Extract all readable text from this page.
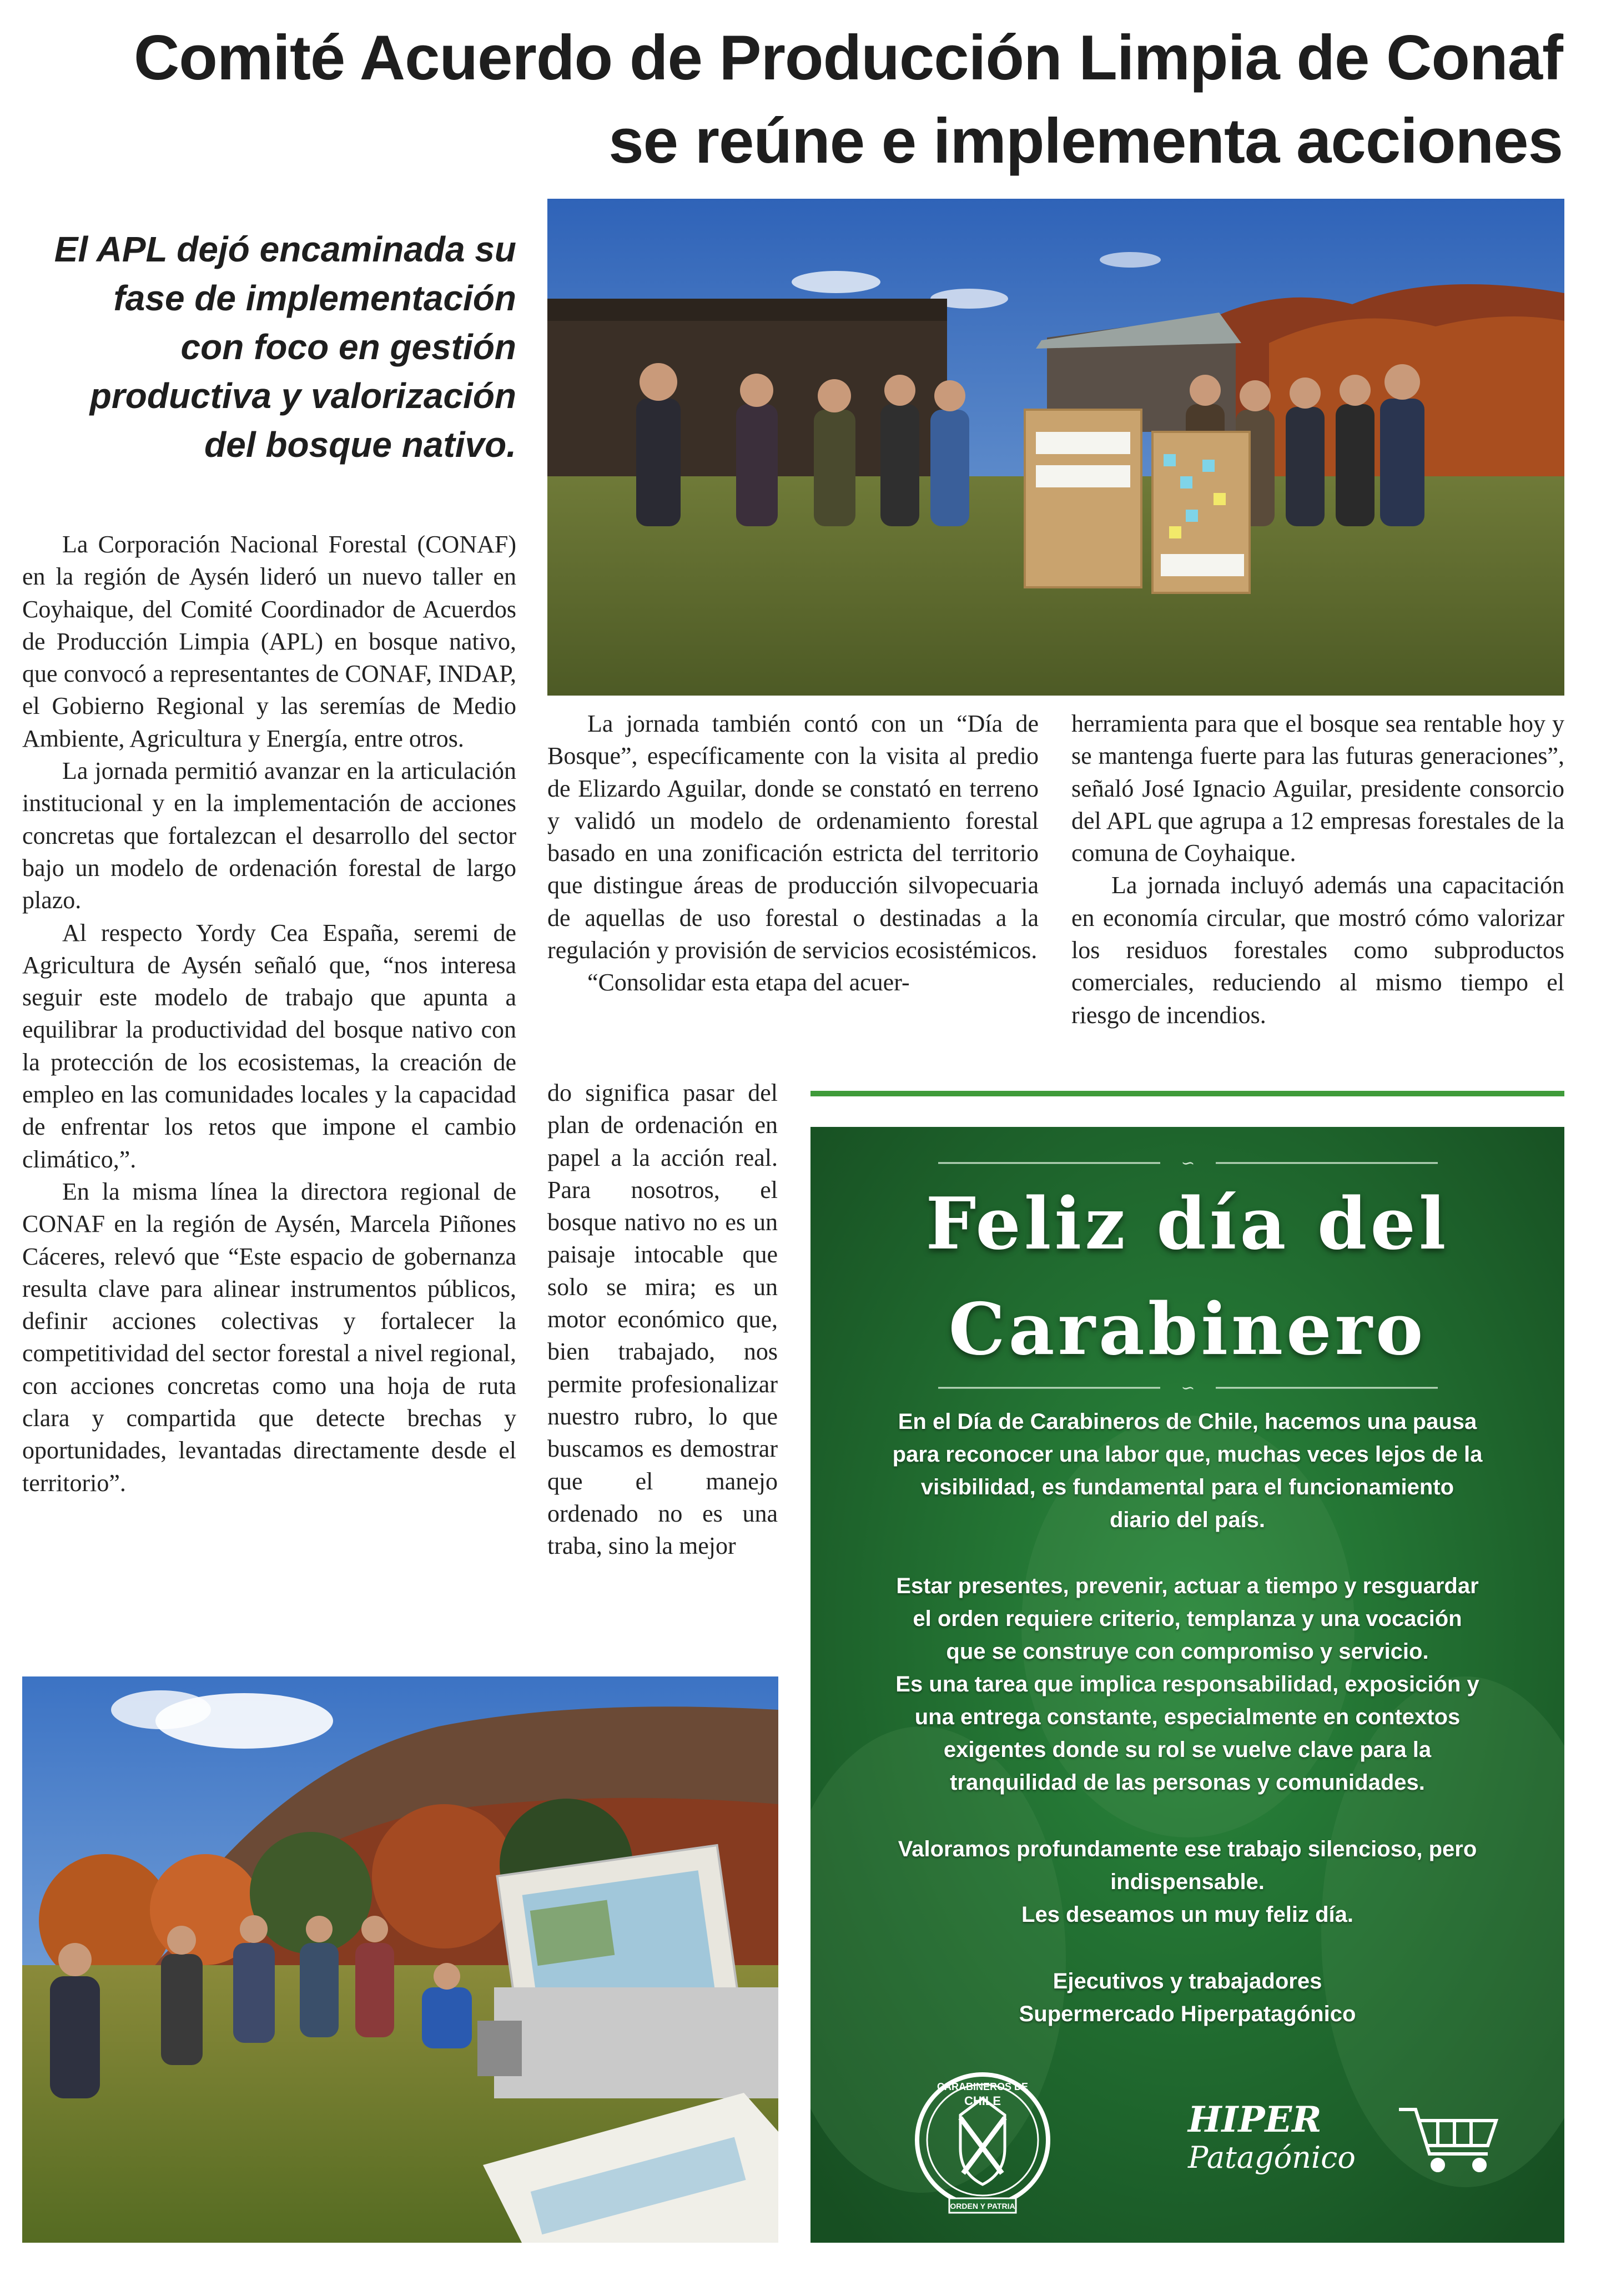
Comité Acuerdo de Producción Limpia de Conaf
se reúne e implementa acciones
El APL dejó encaminada su
fase de implementación
con foco en gestión
productiva y valorización
del bosque nativo.

La Corporación Nacional Forestal (CONAF) en la región de Aysén lideró un nuevo taller en Coyhaique, del Comité Coordinador de Acuerdos de Producción Limpia (APL) en bosque nativo, que convocó a representantes de CONAF, INDAP, el Gobierno Regional y las seremías de Medio Ambiente, Agricultura y Energía, entre otros.

La jornada permitió avanzar en la articulación institucional y en la implementación de acciones concretas que fortalezcan el desarrollo del sector bajo un modelo de ordenación forestal de largo plazo.

Al respecto Yordy Cea España, seremi de Agricultura de Aysén señaló que, “nos interesa seguir este modelo de trabajo que apunta a equilibrar la productividad del bosque nativo con la protección de los ecosistemas, la creación de empleo en las comunidades locales y la capacidad de enfrentar los retos que impone el cambio climático,”.

En la misma línea la directora regional de CONAF en la región de Aysén, Marcela Piñones Cáceres, relevó que “Este espacio de gobernanza resulta clave para alinear instrumentos públicos, definir acciones colectivas y fortalecer la competitividad del sector forestal a nivel regional, con acciones concretas como una hoja de ruta clara y compartida que detecte brechas y oportunidades, levantadas directamente desde el territorio”.

La jornada también contó con un “Día de Bosque”, específicamente con la visita al predio de Elizardo Aguilar, donde se constató en terreno y validó un modelo de ordenamiento forestal basado en una zonificación estricta del territorio que distingue áreas de producción silvopecuaria de aquellas de uso forestal o destinadas a la regulación y provisión de servicios ecosistémicos.

“Consolidar esta etapa del acuer-

do significa pasar del plan de ordenación en papel a la acción real. Para nosotros, el bosque nativo no es un paisaje intocable que solo se mira; es un motor económico que, bien trabajado, nos permite profesionalizar nuestro rubro, lo que buscamos es demostrar que el manejo ordenado no es una traba, sino la mejor

herramienta para que el bosque sea rentable hoy y se mantenga fuerte para las futuras generaciones”, señaló José Ignacio Aguilar, presidente consorcio del APL que agrupa a 12 empresas forestales de la comuna de Coyhaique.

La jornada incluyó además una capacitación en economía circular, que mostró cómo valorizar los residuos forestales como subproductos comerciales, reduciendo al mismo tiempo el riesgo de incendios.

∽
∽
Feliz día del
Carabinero
En el Día de Carabineros de Chile, hacemos una pausa
para reconocer una labor que, muchas veces lejos de la
visibilidad, es fundamental para el funcionamiento
diario del país.
Estar presentes, prevenir, actuar a tiempo y resguardar
el orden requiere criterio, templanza y una vocación
que se construye con compromiso y servicio.
Es una tarea que implica responsabilidad, exposición y
una entrega constante, especialmente en contextos
exigentes donde su rol se vuelve clave para la
tranquilidad de las personas y comunidades.
Valoramos profundamente ese trabajo silencioso, pero
indispensable.
Les deseamos un muy feliz día.
Ejecutivos y trabajadores
Supermercado Hiperpatagónico
CARABINEROS DE
CHILE
ORDEN Y PATRIA
HIPER
Patagónico
